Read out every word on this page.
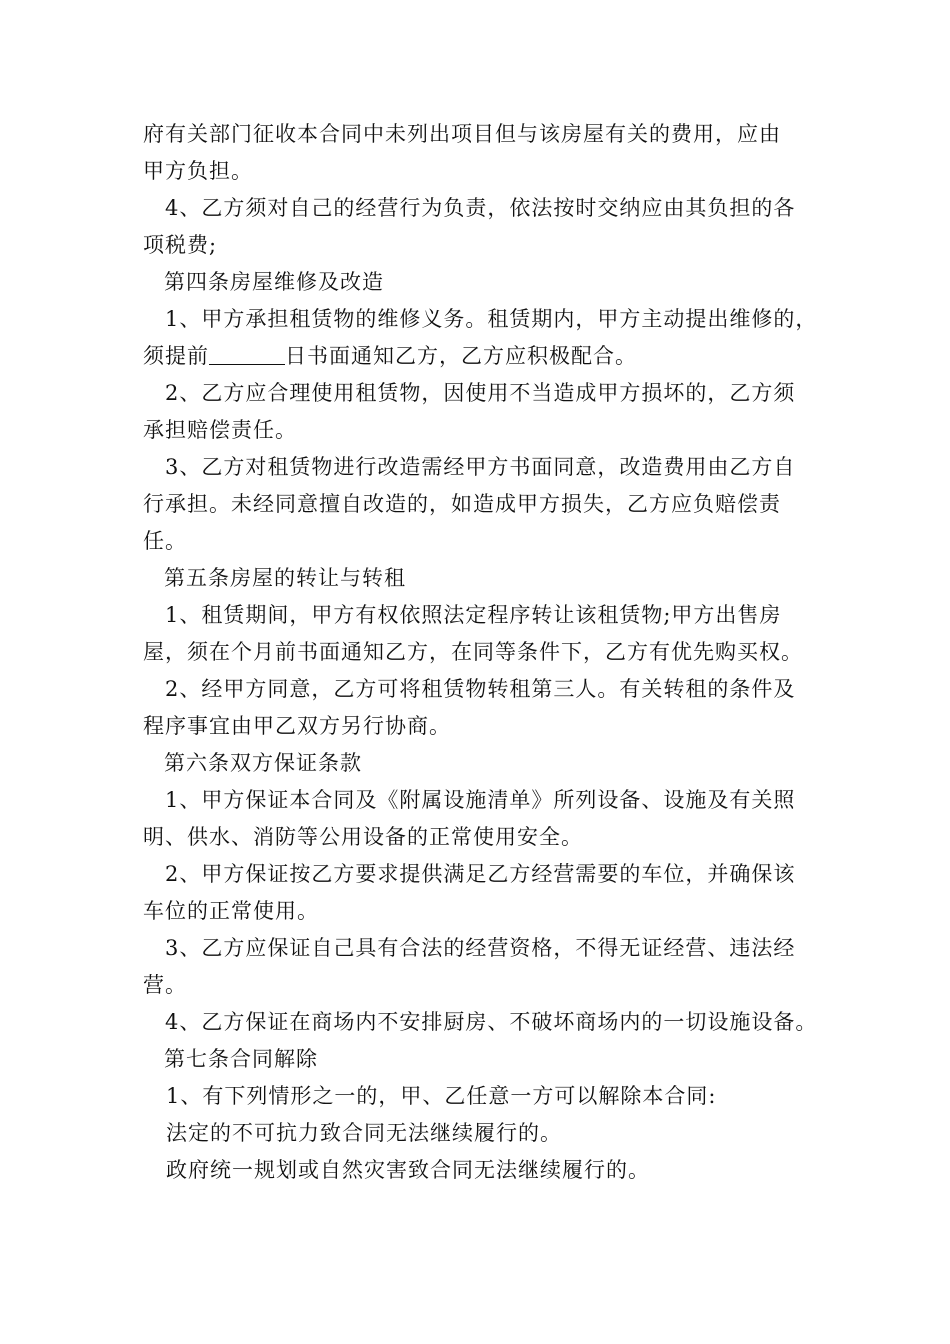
府有关部门征收本合同中未列出项目但与该房屋有关的费用，应由

甲方负担。

4、乙方须对自己的经营行为负责，依法按时交纳应由其负担的各

项税费;

第四条房屋维修及改造

1、甲方承担租赁物的维修义务。租赁期内，甲方主动提出维修的，

须提前	日书面通知乙方，乙方应积极配合。

2、乙方应合理使用租赁物，因使用不当造成甲方损坏的，乙方须

承担赔偿责任。

3、乙方对租赁物进行改造需经甲方书面同意，改造费用由乙方自

行承担。未经同意擅自改造的，如造成甲方损失，乙方应负赔偿责

任。

第五条房屋的转让与转租

1、租赁期间，甲方有权依照法定程序转让该租赁物;甲方出售房

屋，须在个月前书面通知乙方，在同等条件下，乙方有优先购买权。

2、经甲方同意，乙方可将租赁物转租第三人。有关转租的条件及

程序事宜由甲乙双方另行协商。

第六条双方保证条款

1、甲方保证本合同及《附属设施清单》所列设备、设施及有关照

明、供水、消防等公用设备的正常使用安全。

2、甲方保证按乙方要求提供满足乙方经营需要的车位，并确保该

车位的正常使用。

3、乙方应保证自己具有合法的经营资格，不得无证经营、违法经

营。

4、乙方保证在商场内不安排厨房、不破坏商场内的一切设施设备。

第七条合同解除

1、有下列情形之一的，甲、乙任意一方可以解除本合同:

法定的不可抗力致合同无法继续履行的。

政府统一规划或自然灾害致合同无法继续履行的。
